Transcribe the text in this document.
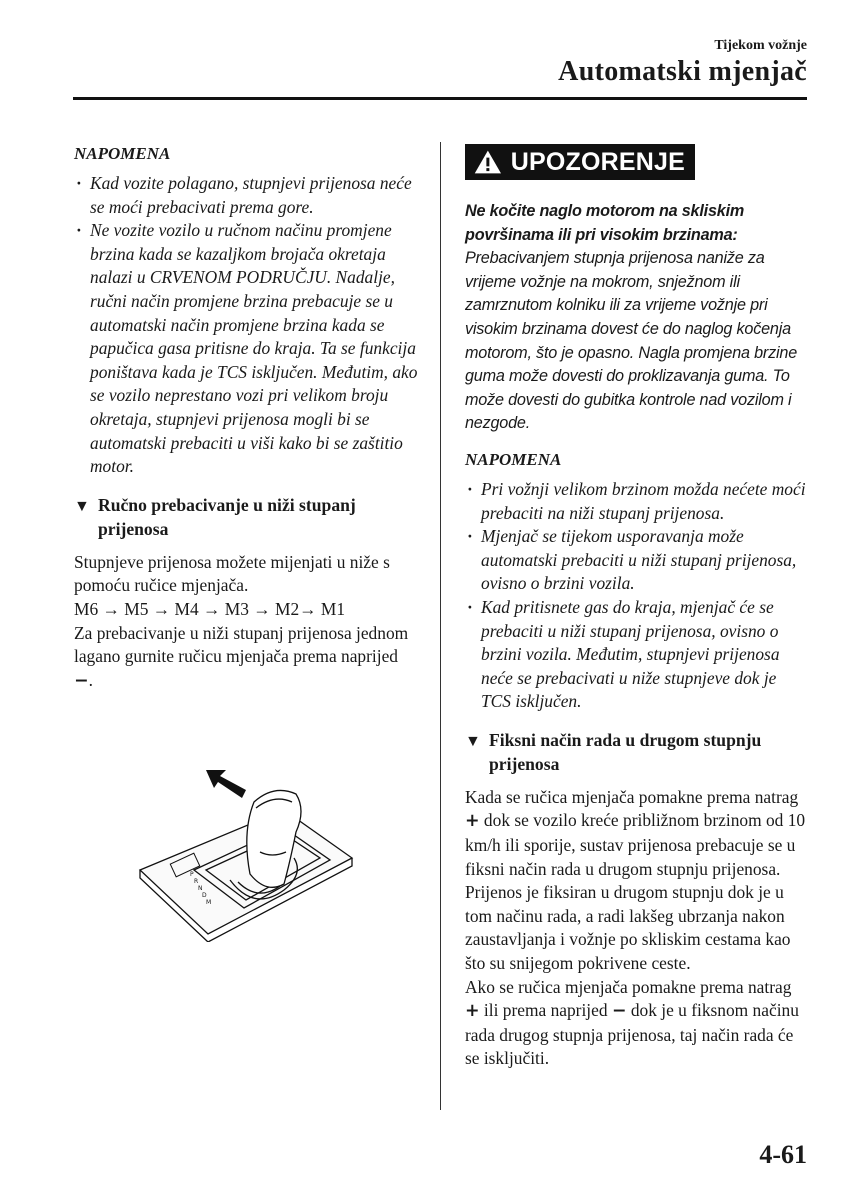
Tijekom vožnje
Automatski mjenjač
NAPOMENA
· Kad vozite polagano, stupnjevi prijenosa neće se moći prebacivati prema gore.
· Ne vozite vozilo u ručnom načinu promjene brzina kada se kazaljkom brojača okretaja nalazi u CRVENOM PODRUČJU. Nadalje, ručni način promjene brzina prebacuje se u automatski način promjene brzina kada se papučica gasa pritisne do kraja. Ta se funkcija poništava kada je TCS isključen. Međutim, ako se vozilo neprestano vozi pri velikom broju okretaja, stupnjevi prijenosa mogli bi se automatski prebaciti u viši kako bi se zaštitio motor.
▼ Ručno prebacivanje u niži stupanj prijenosa

Stupnjeve prijenosa možete mijenjati u niže s pomoću ručice mjenjača.
M6 → M5 → M4 → M3 → M2→ M1
Za prebacivanje u niži stupanj prijenosa jednom lagano gurnite ručicu mjenjača prema naprijed −.

P
R
N
D
M
UPOZORENJE
Ne kočite naglo motorom na skliskim površinama ili pri visokim brzinama:
Prebacivanjem stupnja prijenosa naniže za vrijeme vožnje na mokrom, snježnom ili zamrznutom kolniku ili za vrijeme vožnje pri visokim brzinama dovest će do naglog kočenja motorom, što je opasno. Nagla promjena brzine guma može dovesti do proklizavanja guma. To može dovesti do gubitka kontrole nad vozilom i nezgode.
NAPOMENA
· Pri vožnji velikom brzinom možda nećete moći prebaciti na niži stupanj prijenosa.
· Mjenjač se tijekom usporavanja može automatski prebaciti u niži stupanj prijenosa, ovisno o brzini vozila.
· Kad pritisnete gas do kraja, mjenjač će se prebaciti u niži stupanj prijenosa, ovisno o brzini vozila. Međutim, stupnjevi prijenosa neće se prebacivati u niže stupnjeve dok je TCS isključen.
▼ Fiksni način rada u drugom stupnju prijenosa

Kada se ručica mjenjača pomakne prema natrag + dok se vozilo kreće približnom brzinom od 10 km/h ili sporije, sustav prijenosa prebacuje se u fiksni način rada u drugom stupnju prijenosa. Prijenos je fiksiran u drugom stupnju dok je u tom načinu rada, a radi lakšeg ubrzanja nakon zaustavljanja i vožnje po skliskim cestama kao što su snijegom pokrivene ceste.
Ako se ručica mjenjača pomakne prema natrag + ili prema naprijed − dok je u fiksnom načinu rada drugog stupnja prijenosa, taj način rada će se isključiti.

4-61
